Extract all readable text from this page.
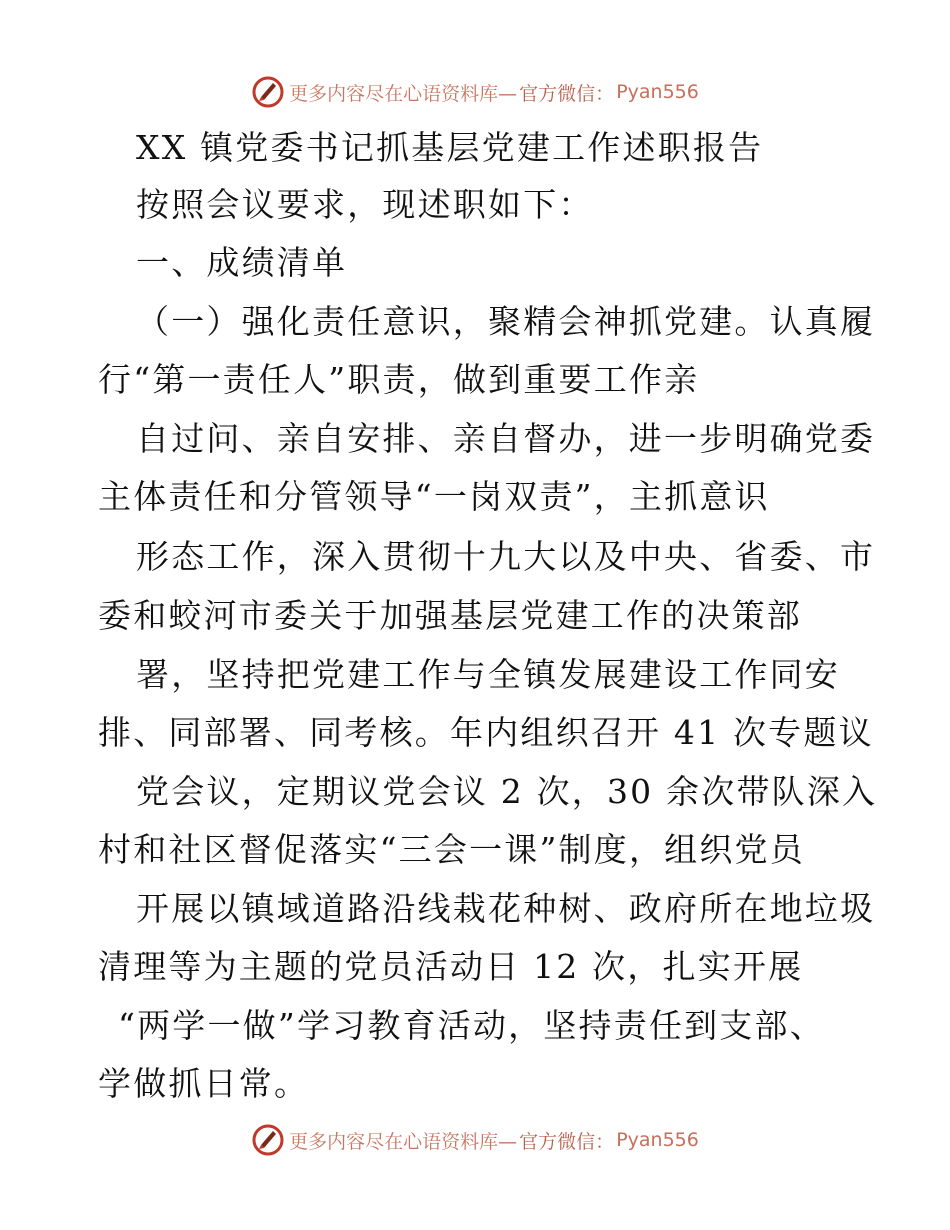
更多内容尽在心语资料库— 官方微信： Pyan556
XX 镇党委书记抓基层党建工作述职报告
按照会议要求，现述职如下：
一、成绩清单
（一）强化责任意识，聚精会神抓党建。认真履
行“第一责任人”职责，做到重要工作亲
自过问、亲自安排、亲自督办，进一步明确党委
主体责任和分管领导“一岗双责”，主抓意识
形态工作，深入贯彻十九大以及中央、省委、市
委和蛟河市委关于加强基层党建工作的决策部
署，坚持把党建工作与全镇发展建设工作同安
排、同部署、同考核。年内组织召开 41 次专题议
党会议，定期议党会议 2 次，30 余次带队深入
村和社区督促落实“三会一课”制度，组织党员
开展以镇域道路沿线栽花种树、政府所在地垃圾
清理等为主题的党员活动日 12 次，扎实开展
“两学一做”学习教育活动，坚持责任到支部、
学做抓日常。
更多内容尽在心语资料库— 官方微信： Pyan556
